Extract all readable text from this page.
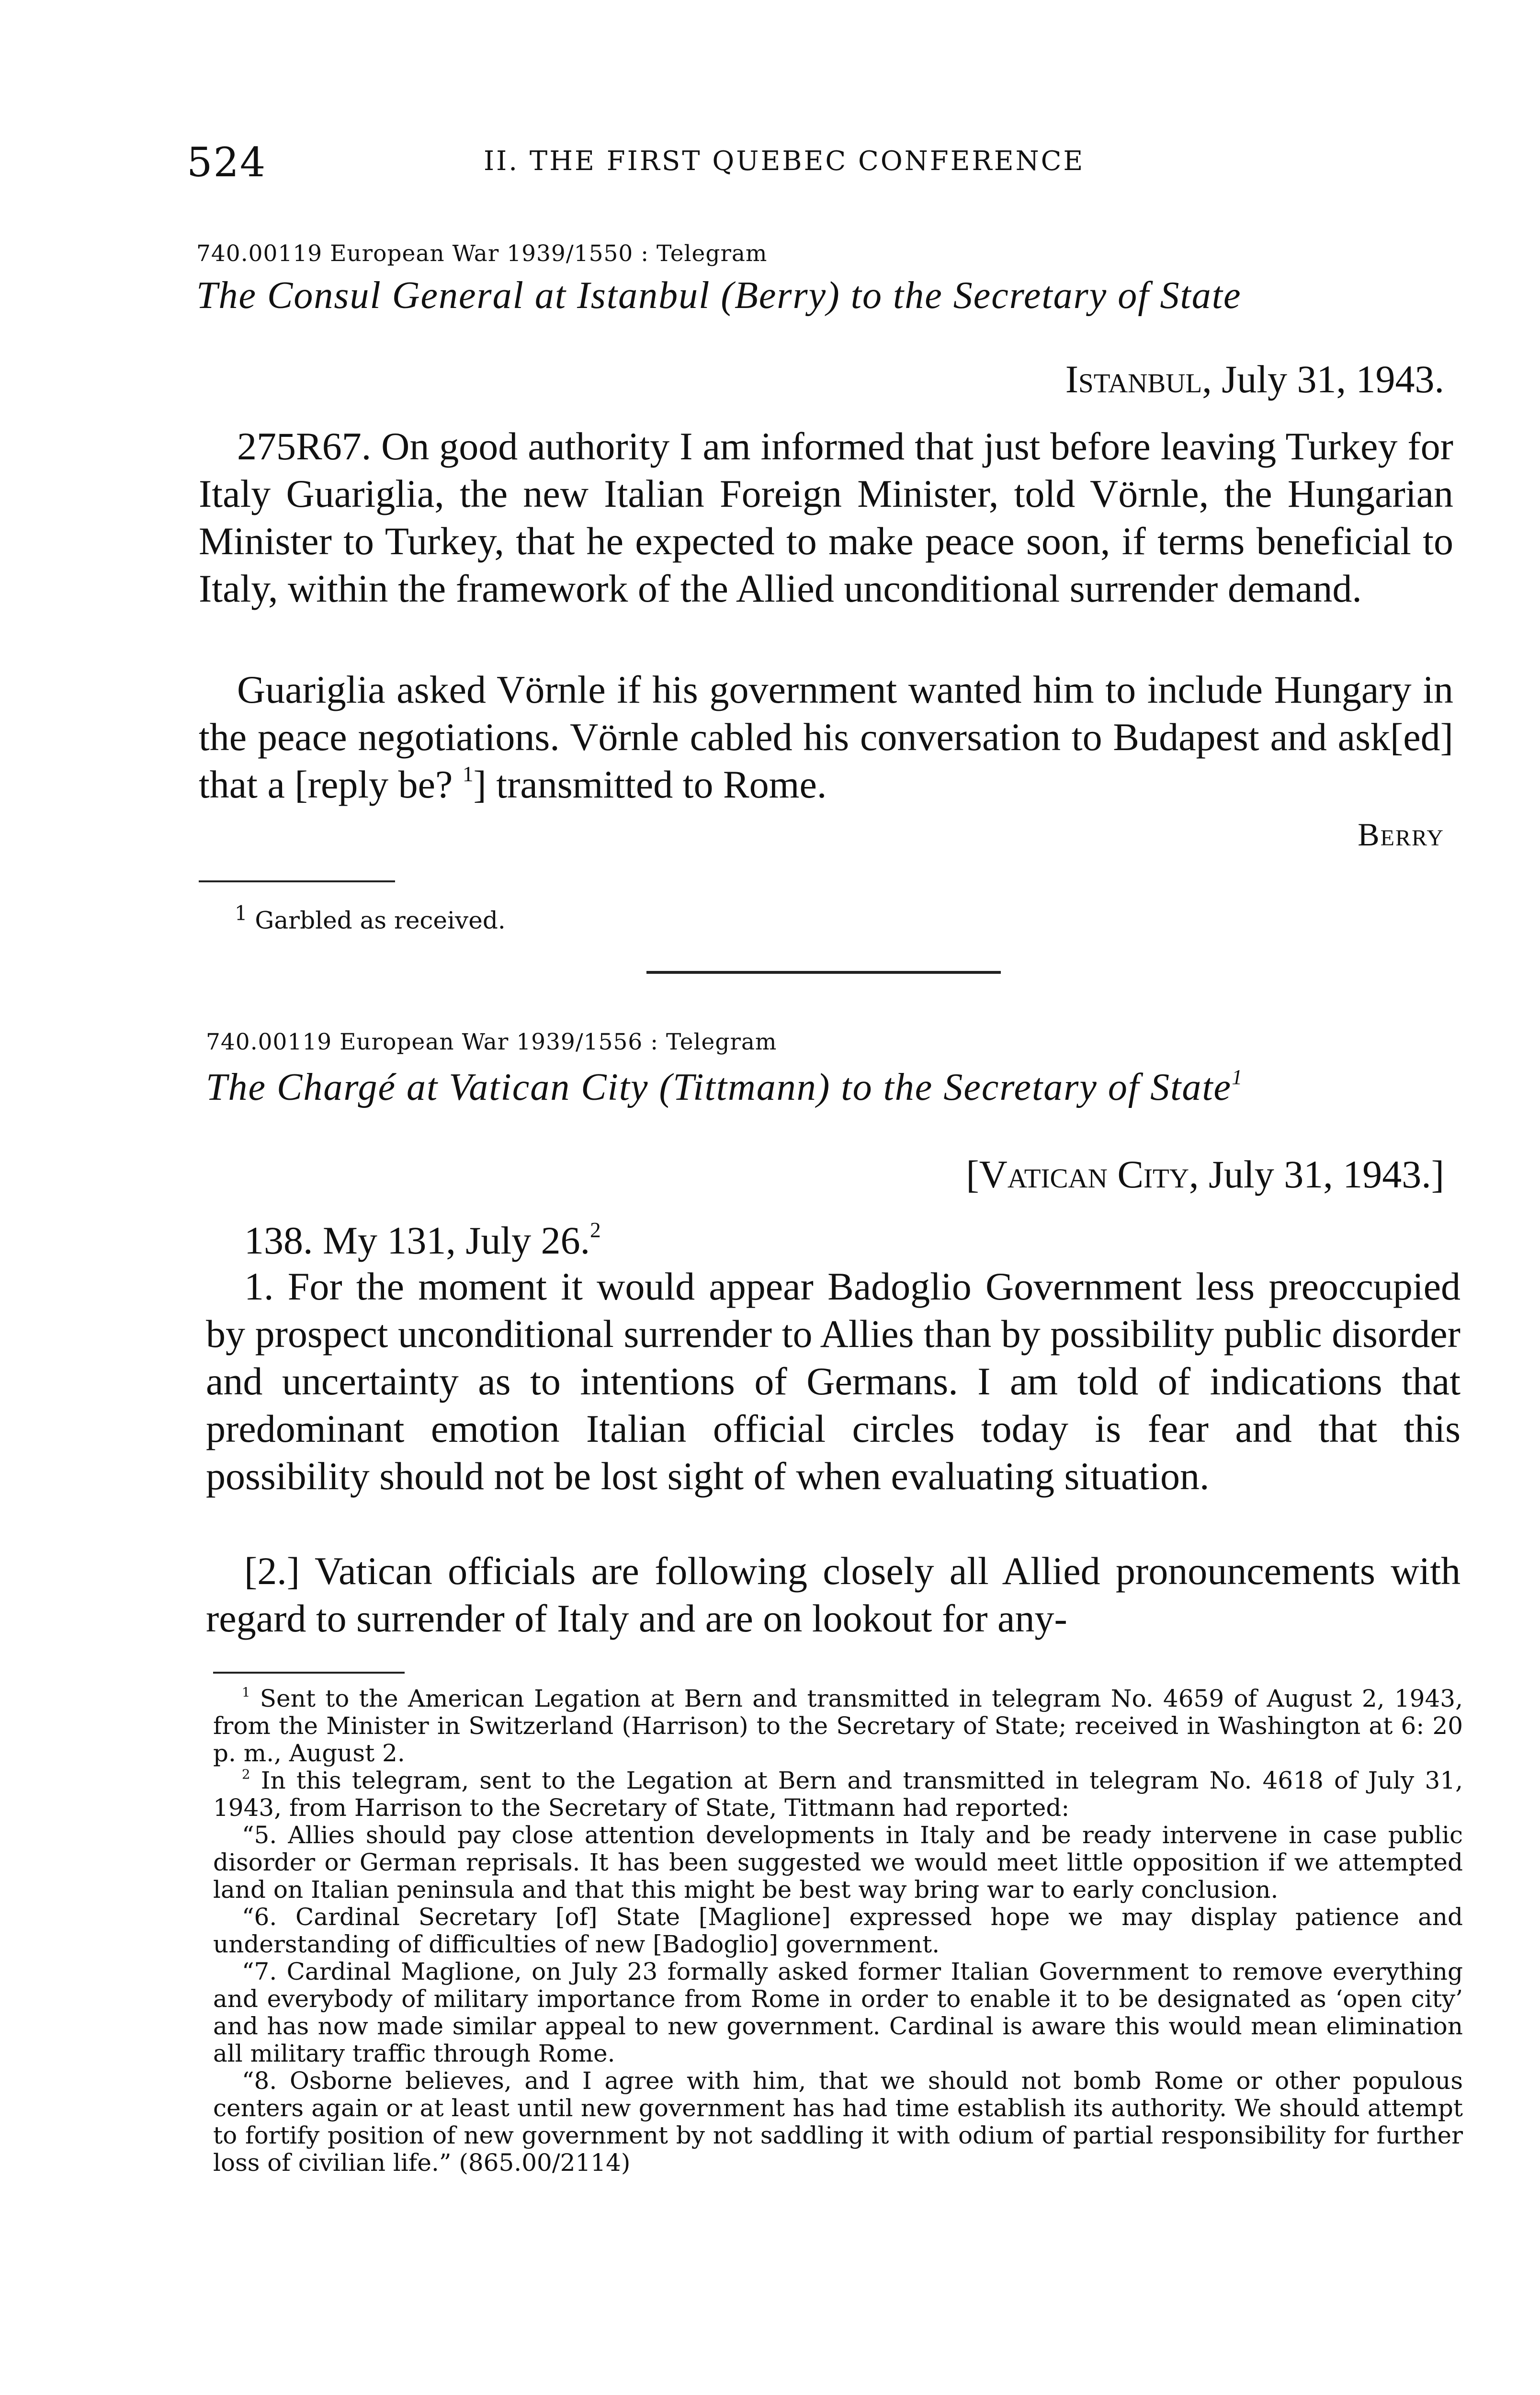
524	II. THE FIRST QUEBEC CONFERENCE
740.00119 European War 1939/1550 : Telegram
The Consul General at Istanbul (Berry) to the Secretary of State
Istanbul, July 31, 1943.

275R67. On good authority I am informed that just before leaving Turkey for Italy Guariglia, the new Italian Foreign Minister, told Vörnle, the Hungarian Minister to Turkey, that he expected to make peace soon, if terms beneficial to Italy, within the framework of the Allied unconditional surrender demand.

Guariglia asked Vörnle if his government wanted him to include Hungary in the peace negotiations. Vörnle cabled his conversation to Budapest and ask[ed] that a [reply be? $^1$] transmitted to Rome.

Berry

$^1$ Garbled as received.

740.00119 European War 1939/1556 : Telegram
The Chargé at Vatican City (Tittmann) to the Secretary of State$^1$
[Vatican City, July 31, 1943.]

138. My 131, July 26.$^2$

1. For the moment it would appear Badoglio Government less preoccupied by prospect unconditional surrender to Allies than by possibility public disorder and uncertainty as to intentions of Germans. I am told of indications that predominant emotion Italian official circles today is fear and that this possibility should not be lost sight of when evaluating situation.

[2.] Vatican officials are following closely all Allied pronouncements with regard to surrender of Italy and are on lookout for any-

$^1$ Sent to the American Legation at Bern and transmitted in telegram No. 4659 of August 2, 1943, from the Minister in Switzerland (Harrison) to the Secretary of State; received in Washington at 6: 20 p. m., August 2.

$^2$ In this telegram, sent to the Legation at Bern and transmitted in telegram No. 4618 of July 31, 1943, from Harrison to the Secretary of State, Tittmann had reported:

“5. Allies should pay close attention developments in Italy and be ready intervene in case public disorder or German reprisals. It has been suggested we would meet little opposition if we attempted land on Italian peninsula and that this might be best way bring war to early conclusion.

“6. Cardinal Secretary [of] State [Maglione] expressed hope we may display patience and understanding of difficulties of new [Badoglio] government.

“7. Cardinal Maglione, on July 23 formally asked former Italian Government to remove everything and everybody of military importance from Rome in order to enable it to be designated as ‘open city’ and has now made similar appeal to new government. Cardinal is aware this would mean elimination all military traffic through Rome.

“8. Osborne believes, and I agree with him, that we should not bomb Rome or other populous centers again or at least until new government has had time establish its authority. We should attempt to fortify position of new government by not saddling it with odium of partial responsibility for further loss of civilian life.” (865.00/2114)
